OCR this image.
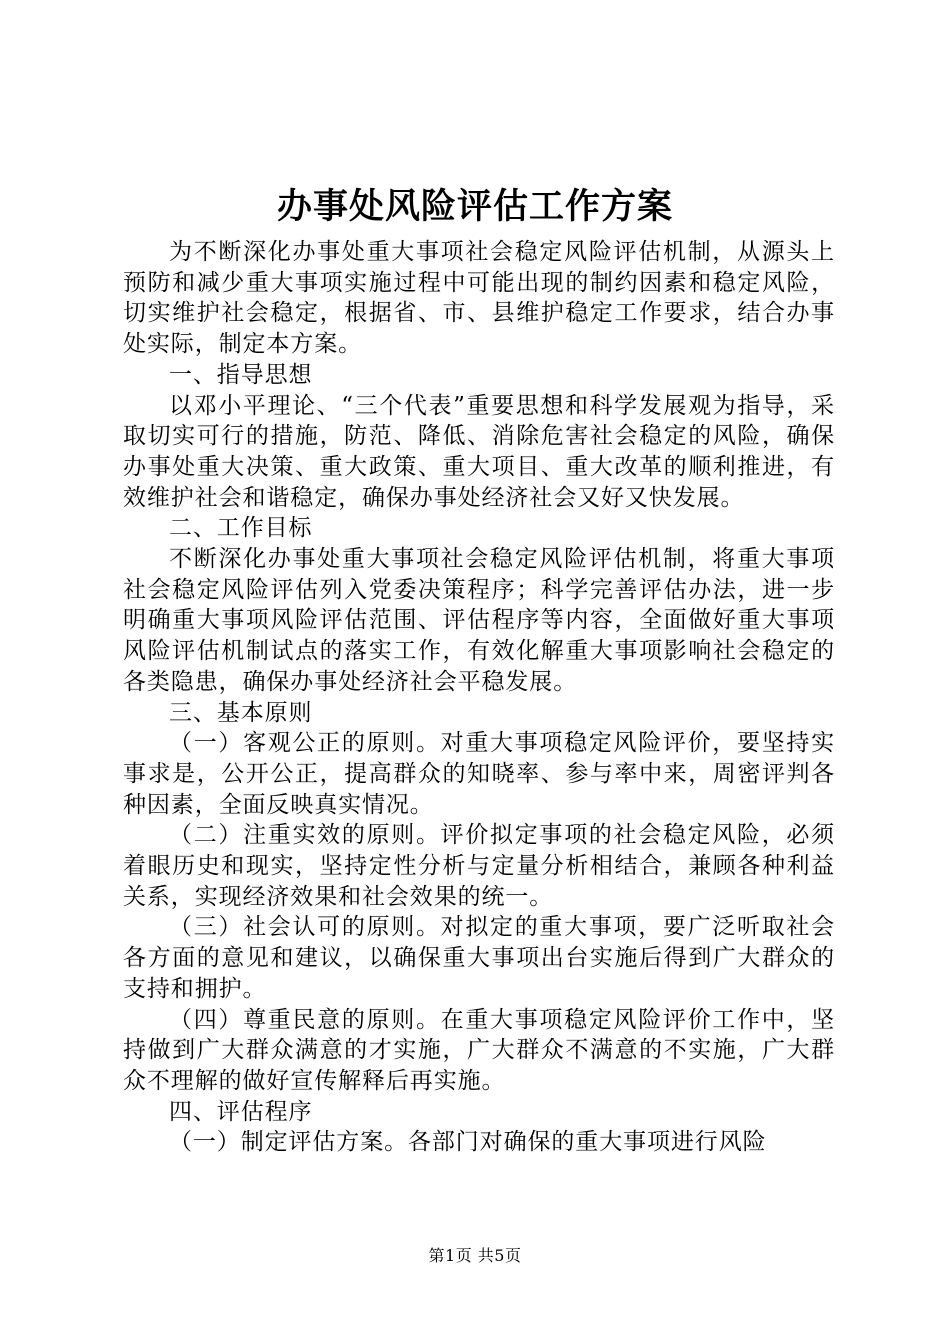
办事处风险评估工作方案

为不断深化办事处重大事项社会稳定风险评估机制，从源头上预防和减少重大事项实施过程中可能出现的制约因素和稳定风险，切实维护社会稳定，根据省、市、县维护稳定工作要求，结合办事处实际，制定本方案。

一、指导思想

以邓小平理论、“三个代表”重要思想和科学发展观为指导，采取切实可行的措施，防范、降低、消除危害社会稳定的风险，确保办事处重大决策、重大政策、重大项目、重大改革的顺利推进，有效维护社会和谐稳定，确保办事处经济社会又好又快发展。

二、工作目标

不断深化办事处重大事项社会稳定风险评估机制，将重大事项社会稳定风险评估列入党委决策程序；科学完善评估办法，进一步明确重大事项风险评估范围、评估程序等内容，全面做好重大事项风险评估机制试点的落实工作，有效化解重大事项影响社会稳定的各类隐患，确保办事处经济社会平稳发展。

三、基本原则

（一）客观公正的原则。对重大事项稳定风险评价，要坚持实事求是，公开公正，提高群众的知晓率、参与率中来，周密评判各种因素，全面反映真实情况。

（二）注重实效的原则。评价拟定事项的社会稳定风险，必须着眼历史和现实，坚持定性分析与定量分析相结合，兼顾各种利益关系，实现经济效果和社会效果的统一。

（三）社会认可的原则。对拟定的重大事项，要广泛听取社会各方面的意见和建议，以确保重大事项出台实施后得到广大群众的支持和拥护。

（四）尊重民意的原则。在重大事项稳定风险评价工作中，坚持做到广大群众满意的才实施，广大群众不满意的不实施，广大群众不理解的做好宣传解释后再实施。

四、评估程序

（一）制定评估方案。各部门对确保的重大事项进行风险

第1页 共5页
